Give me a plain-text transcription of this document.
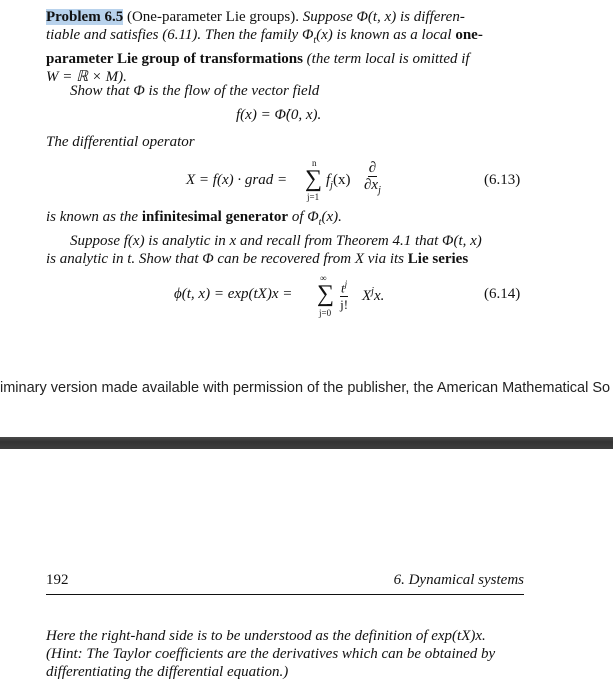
Problem 6.5 (One-parameter Lie groups). Suppose Φ(t, x) is differen-
tiable and satisfies (6.11). Then the family $\Phi_t(x)$ is known as a local one-
parameter Lie group of transformations (the term local is omitted if
W = ℝ × M).
Show that Φ is the flow of the vector field
f(x) = Φ̇(0, x).
The differential operator
X = f(x) · grad =
n
∑
j=1
$f_j(x)$
∂
$\partial x_j$
(6.13)
is known as the infinitesimal generator of $\Phi_t(x)$.
Suppose f(x) is analytic in x and recall from Theorem 4.1 that Φ(t, x)
is analytic in t. Show that Φ can be recovered from X via its Lie series
ϕ(t, x) = exp(tX)x =
∞
∑
$j=0 \frac{t^j}{j!} X^jx$.	(6.14)
iminary version made available with permission of the publisher, the American Mathematical So
192	6. Dynamical systems
Here the right-hand side is to be understood as the definition of exp(tX)x.
(Hint: The Taylor coefficients are the derivatives which can be obtained by
differentiating the differential equation.)
